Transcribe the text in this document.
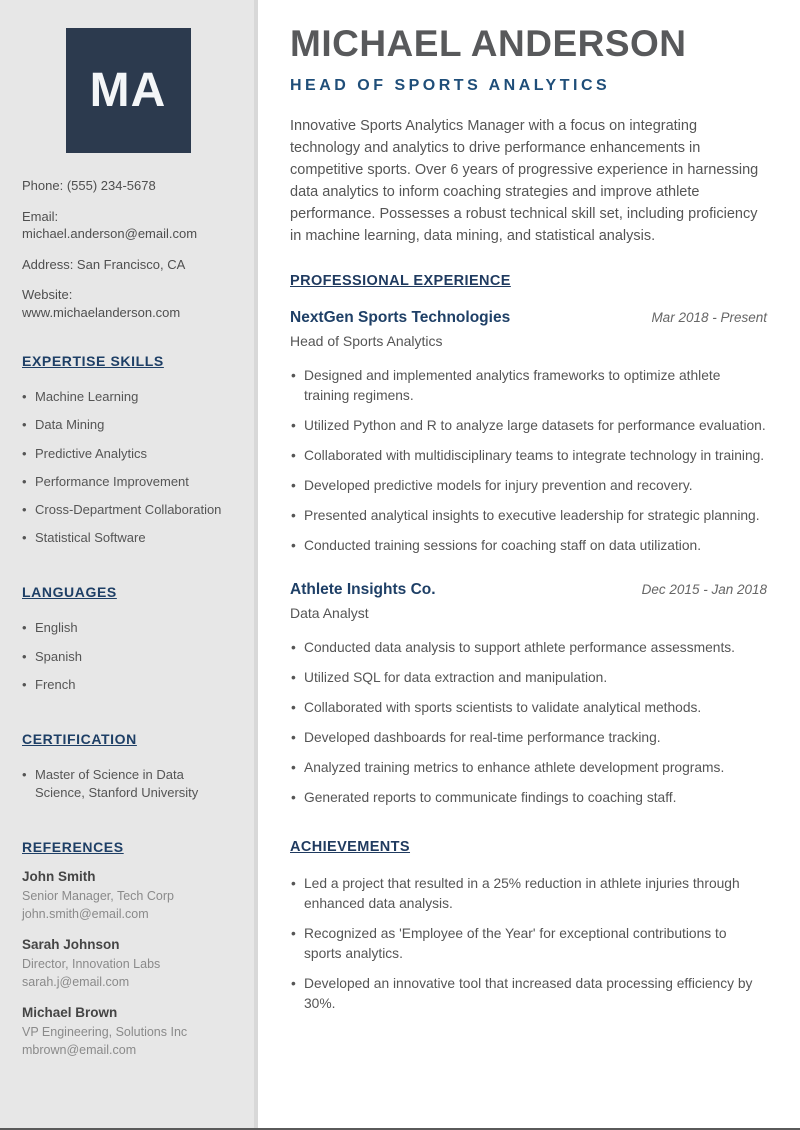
MA
Phone: (555) 234-5678
Email: michael.anderson@email.com
Address: San Francisco, CA
Website: www.michaelanderson.com
EXPERTISE SKILLS
• Machine Learning
• Data Mining
• Predictive Analytics
• Performance Improvement
• Cross-Department Collaboration
• Statistical Software
LANGUAGES
• English
• Spanish
• French
CERTIFICATION
• Master of Science in Data Science, Stanford University
REFERENCES
John Smith
Senior Manager, Tech Corp
john.smith@email.com
Sarah Johnson
Director, Innovation Labs
sarah.j@email.com
Michael Brown
VP Engineering, Solutions Inc
mbrown@email.com
MICHAEL ANDERSON
HEAD OF SPORTS ANALYTICS

Innovative Sports Analytics Manager with a focus on integrating technology and analytics to drive performance enhancements in competitive sports. Over 6 years of progressive experience in harnessing data analytics to inform coaching strategies and improve athlete performance. Possesses a robust technical skill set, including proficiency in machine learning, data mining, and statistical analysis.

PROFESSIONAL EXPERIENCE
NextGen Sports Technologies	Mar 2018 - Present
Head of Sports Analytics
• Designed and implemented analytics frameworks to optimize athlete training regimens.
• Utilized Python and R to analyze large datasets for performance evaluation.
• Collaborated with multidisciplinary teams to integrate technology in training.
• Developed predictive models for injury prevention and recovery.
• Presented analytical insights to executive leadership for strategic planning.
• Conducted training sessions for coaching staff on data utilization.
Athlete Insights Co.	Dec 2015 - Jan 2018
Data Analyst
• Conducted data analysis to support athlete performance assessments.
• Utilized SQL for data extraction and manipulation.
• Collaborated with sports scientists to validate analytical methods.
• Developed dashboards for real-time performance tracking.
• Analyzed training metrics to enhance athlete development programs.
• Generated reports to communicate findings to coaching staff.
ACHIEVEMENTS
• Led a project that resulted in a 25% reduction in athlete injuries through enhanced data analysis.
• Recognized as 'Employee of the Year' for exceptional contributions to sports analytics.
• Developed an innovative tool that increased data processing efficiency by 30%.
